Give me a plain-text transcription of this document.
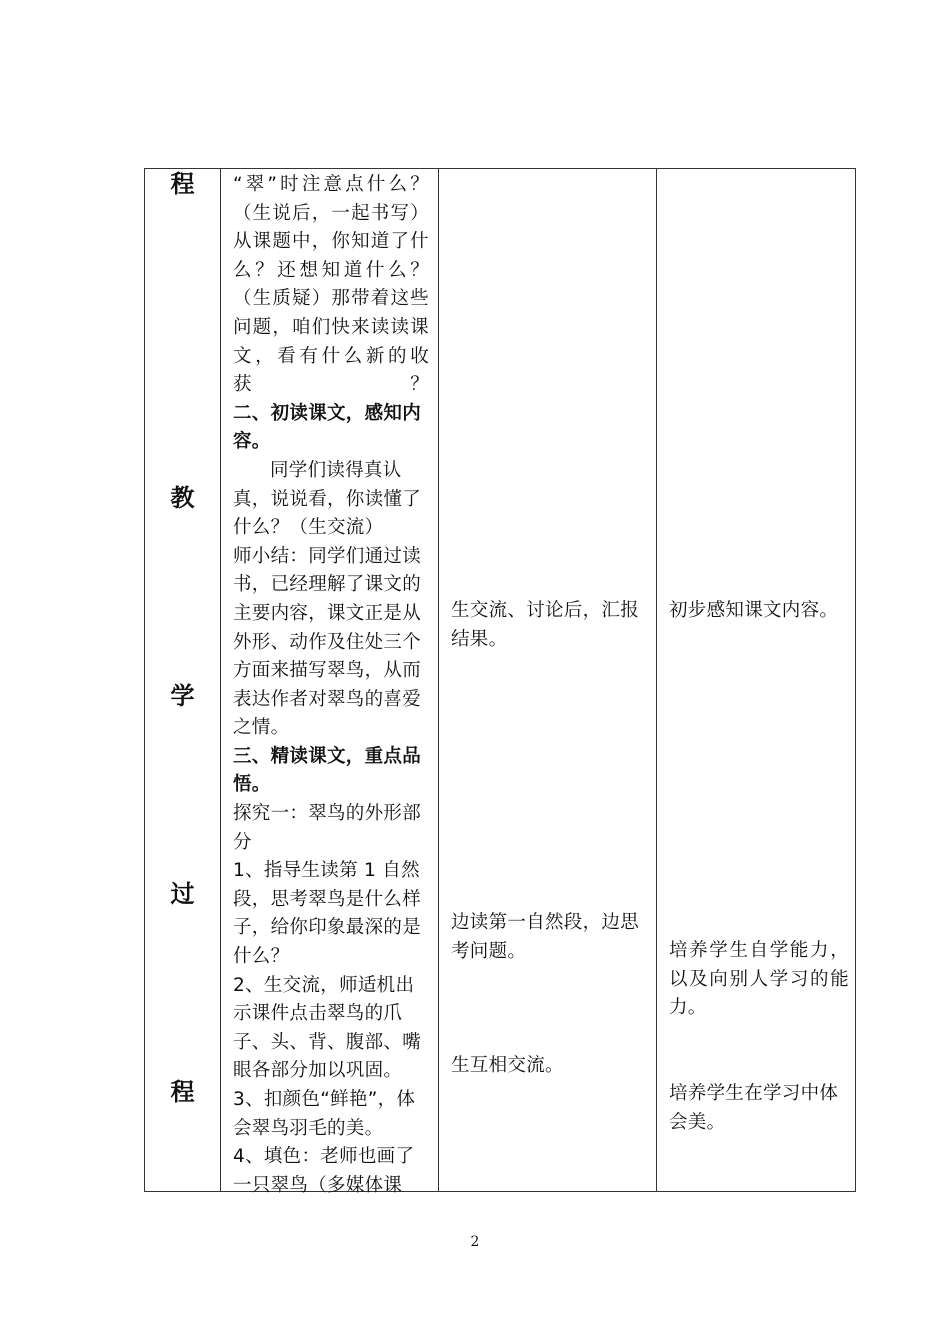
程
教
学
过
程

“翠”时注意点什么？（生说后，一起书写）从课题中，你知道了什么？还想知道什么？（生质疑）那带着这些问题，咱们快来读读课文，看有什么新的收获？

二、初读课文，感知内容。

同学们读得真认真，说说看，你读懂了什么？（生交流）

师小结：同学们通过读书，已经理解了课文的主要内容，课文正是从外形、动作及住处三个方面来描写翠鸟，从而表达作者对翠鸟的喜爱之情。

三、精读课文，重点品悟。

探究一：翠鸟的外形部分

1、指导生读第 1 自然段，思考翠鸟是什么样子，给你印象最深的是什么？

2、生交流，师适机出示课件点击翠鸟的爪子、头、背、腹部、嘴眼各部分加以巩固。

3、扣颜色“鲜艳”，体会翠鸟羽毛的美。

4、填色：老师也画了一只翠鸟（多媒体课

生交流、讨论后，汇报结果。
边读第一自然段，边思考问题。
生互相交流。
初步感知课文内容。
培养学生自学能力，以及向别人学习的能力。
培养学生在学习中体会美。
2
